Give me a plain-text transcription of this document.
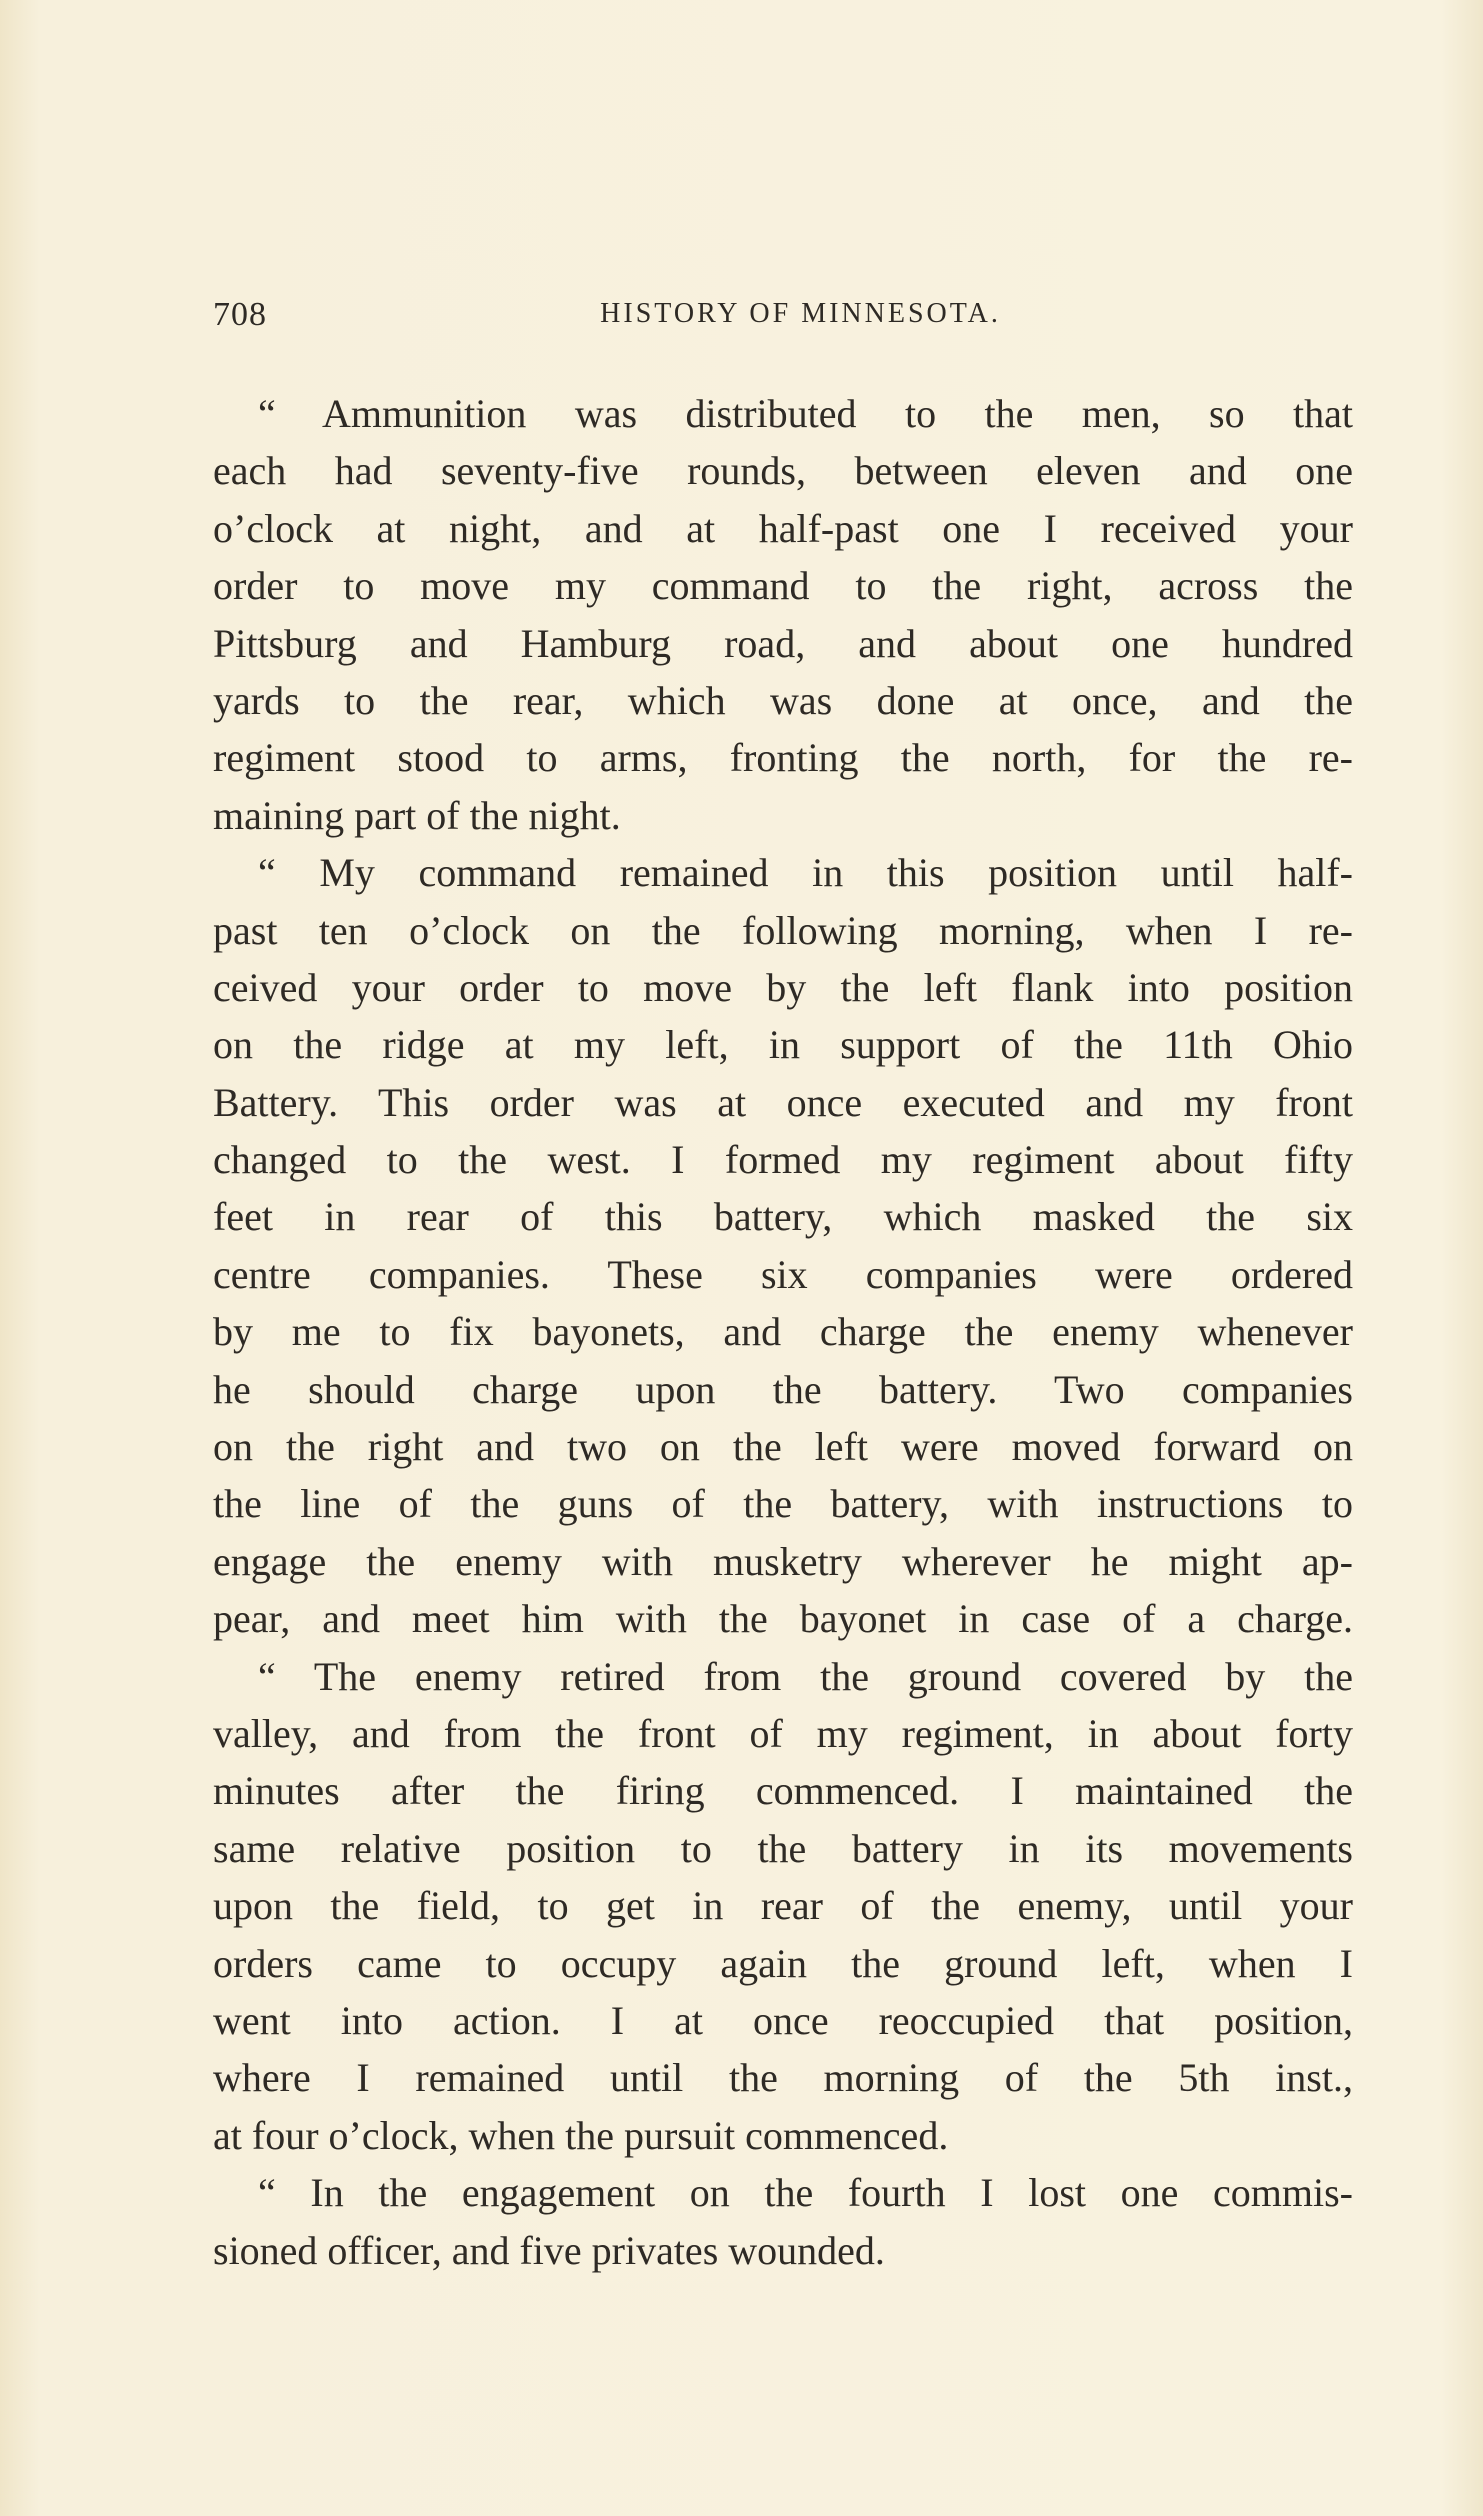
708	HISTORY OF MINNESOTA.
“ Ammunition was distributed to the men, so that
each had seventy-five rounds, between eleven and one
o’clock at night, and at half-past one I received your
order to move my command to the right, across the
Pittsburg and Hamburg road, and about one hundred
yards to the rear, which was done at once, and the
regiment stood to arms, fronting the north, for the re-
maining part of the night.
“ My command remained in this position until half-
past ten o’clock on the following morning, when I re-
ceived your order to move by the left flank into position
on the ridge at my left, in support of the 11th Ohio
Battery. This order was at once executed and my front
changed to the west. I formed my regiment about fifty
feet in rear of this battery, which masked the six
centre companies. These six companies were ordered
by me to fix bayonets, and charge the enemy whenever
he should charge upon the battery. Two companies
on the right and two on the left were moved forward on
the line of the guns of the battery, with instructions to
engage the enemy with musketry wherever he might ap-
pear, and meet him with the bayonet in case of a charge.
“ The enemy retired from the ground covered by the
valley, and from the front of my regiment, in about forty
minutes after the firing commenced. I maintained the
same relative position to the battery in its movements
upon the field, to get in rear of the enemy, until your
orders came to occupy again the ground left, when I
went into action. I at once reoccupied that position,
where I remained until the morning of the 5th inst.,
at four o’clock, when the pursuit commenced.
“ In the engagement on the fourth I lost one commis-
sioned officer, and five privates wounded.
